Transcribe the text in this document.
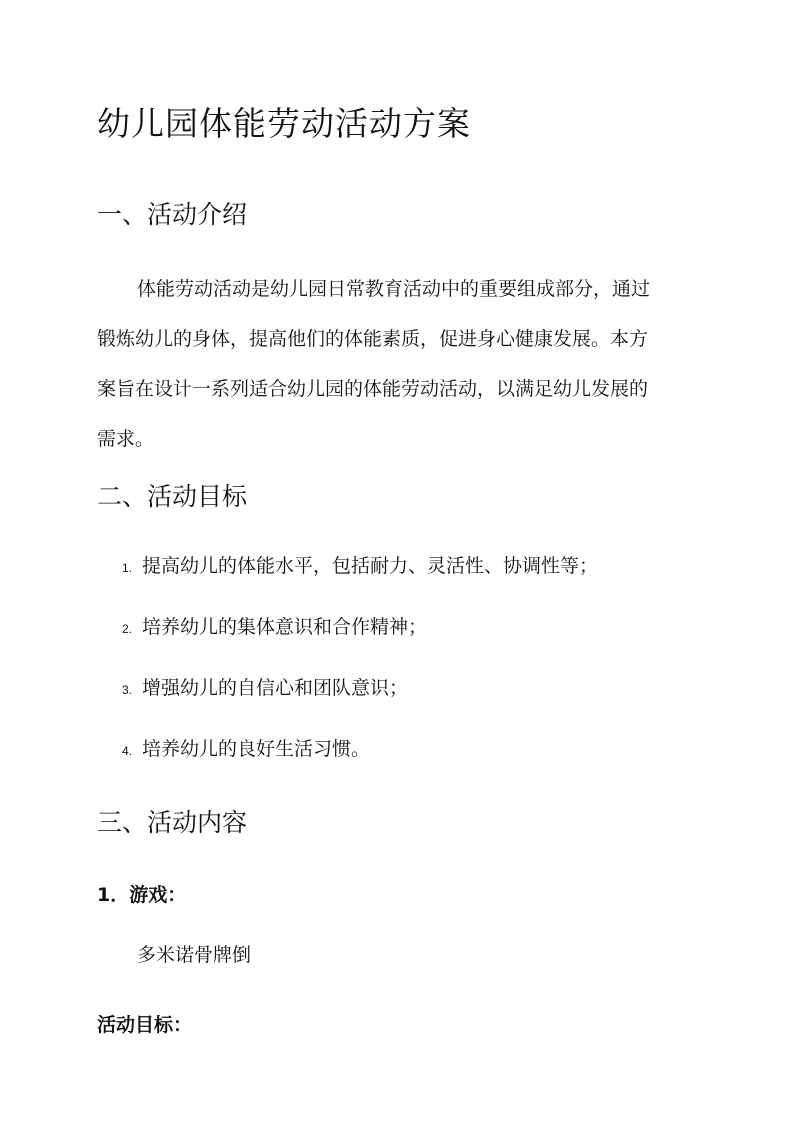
幼儿园体能劳动活动方案
一、活动介绍

体能劳动活动是幼儿园日常教育活动中的重要组成部分，通过
锻炼幼儿的身体，提高他们的体能素质，促进身心健康发展。本方
案旨在设计一系列适合幼儿园的体能劳动活动，以满足幼儿发展的
需求。

二、活动目标
1. 提高幼儿的体能水平，包括耐力、灵活性、协调性等；
2. 培养幼儿的集体意识和合作精神；
3. 增强幼儿的自信心和团队意识；
4. 培养幼儿的良好生活习惯。
三、活动内容
1．游戏：

多米诺骨牌倒

活动目标：
